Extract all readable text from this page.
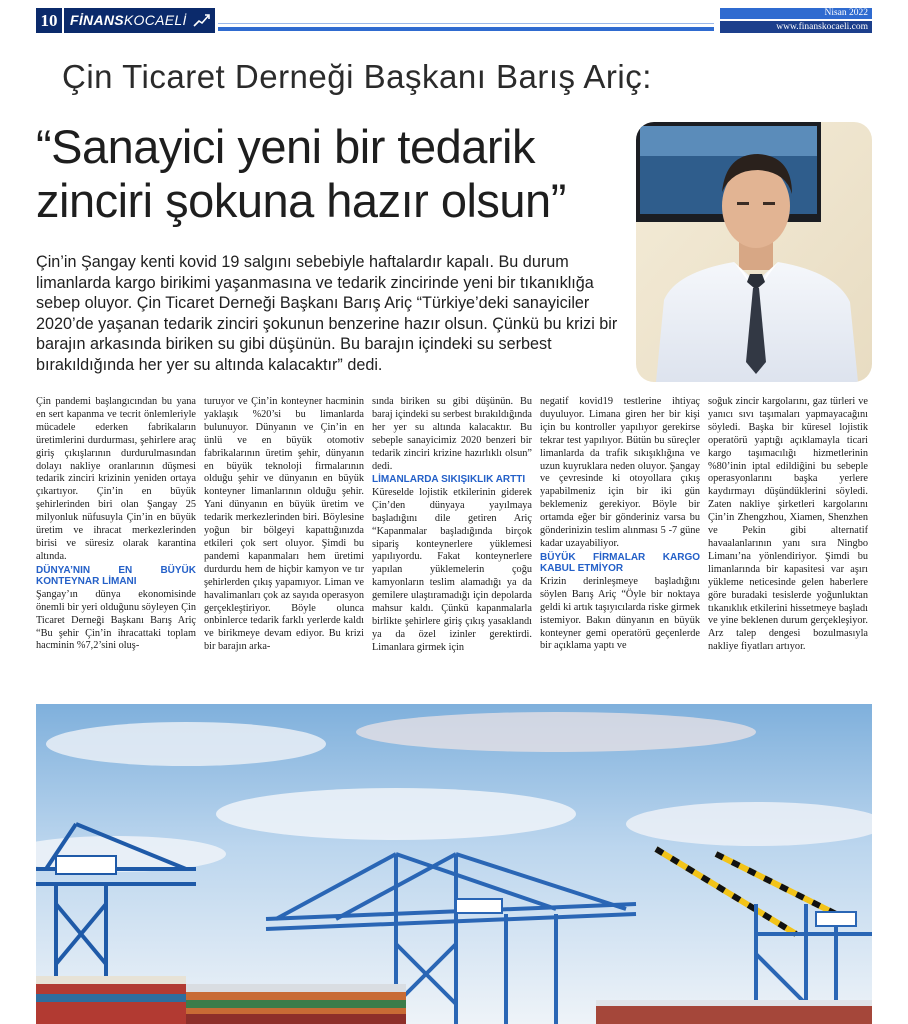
10 FİNANSKOCAELİ	Nisan 2022
www.finanskocaeli.com
Çin Ticaret Derneği Başkanı Barış Ariç:
“Sanayici yeni bir tedarik zinciri şokuna hazır olsun”
Çin’in Şangay kenti kovid 19 salgını sebebiyle haftalardır kapalı. Bu durum limanlarda kargo birikimi yaşanmasına ve tedarik zincirinde yeni bir tıkanıklığa sebep oluyor. Çin Ticaret Derneği Başkanı Barış Ariç “Türkiye’deki sanayiciler 2020’de yaşanan tedarik zinciri şokunun benzerine hazır olsun. Çünkü bu krizi bir barajın arkasında biriken su gibi düşünün. Bu barajın içindeki su serbest bırakıldığında her yer su altında kalacaktır” dedi.

Çin pandemi başlangıcından bu yana en sert kapanma ve tecrit önlemleriyle mücadele ederken fabrikaların üretimlerini durdurması, şehirlere araç giriş çıkışlarının durdurulmasından dolayı nakliye oranlarının düşmesi tedarik zinciri krizinin yeniden ortaya çıkartıyor. Çin’in en büyük şehirlerinden biri olan Şangay 25 milyonluk nüfusuyla Çin’in en büyük üretim ve ihracat merkezlerinden birisi ve süresiz olarak karantina altında.

DÜNYA’NIN EN BÜYÜK KONTEYNAR LİMANI

Şangay’ın dünya ekonomisinde önemli bir yeri olduğunu söyleyen Çin Ticaret Derneği Başkanı Barış Ariç “Bu şehir Çin’in ihracattaki toplam hacminin %7,2’sini oluş-

turuyor ve Çin’in konteyner hacminin yaklaşık %20’si bu limanlarda bulunuyor. Dünyanın ve Çin’in en ünlü ve en büyük otomotiv fabrikalarının üretim şehir, dünyanın en büyük teknoloji firmalarının olduğu şehir ve dünyanın en büyük konteyner limanlarının olduğu şehir. Yani dünyanın en büyük üretim ve tedarik merkezlerinden biri. Böylesine yoğun bir bölgeyi kapattığınızda etkileri çok sert oluyor. Şimdi bu pandemi kapanmaları hem üretimi durdurdu hem de hiçbir kamyon ve tır şehirlerden çıkış yapamıyor. Liman ve havalimanları çok az sayıda operasyon gerçekleştiriyor. Böyle olunca onbinlerce tedarik farklı yerlerde kaldı ve birikmeye devam ediyor. Bu krizi bir barajın arka-

sında biriken su gibi düşünün. Bu baraj içindeki su serbest bırakıldığında her yer su altında kalacaktır. Bu sebeple sanayicimiz 2020 benzeri bir tedarik zinciri krizine hazırlıklı olsun” dedi.

LİMANLARDA SIKIŞIKLIK ARTTI

Küreselde lojistik etkilerinin giderek Çin’den dünyaya yayılmaya başladığını dile getiren Ariç “Kapanmalar başladığında birçok sipariş konteynerlere yüklemesi yapılıyordu. Fakat konteynerlere yapılan yüklemelerin çoğu kamyonların teslim alamadığı ya da gemilere ulaştıramadığı için depolarda mahsur kaldı. Çünkü kapanmalarla birlikte şehirlere giriş çıkış yasaklandı ya da özel izinler gerektirdi. Limanlara girmek için

negatif kovid19 testlerine ihtiyaç duyuluyor. Limana giren her bir kişi için bu kontroller yapılıyor gerekirse tekrar test yapılıyor. Bütün bu süreçler limanlarda da trafik sıkışıklığına ve uzun kuyruklara neden oluyor. Şangay ve çevresinde ki otoyollara çıkış yapabilmeniz için bir iki gün beklemeniz gerekiyor. Böyle bir ortamda eğer bir gönderiniz varsa bu gönderinizin teslim alınması 5 -7 güne kadar uzayabiliyor.

BÜYÜK FİRMALAR KARGO KABUL ETMİYOR

Krizin derinleşmeye başladığını söylen Barış Ariç “Öyle bir noktaya geldi ki artık taşıyıcılarda riske girmek istemiyor. Bakın dünyanın en büyük konteyner gemi operatörü geçenlerde bir açıklama yaptı ve

soğuk zincir kargolarını, gaz türleri ve yanıcı sıvı taşımaları yapmayacağını söyledi. Başka bir küresel lojistik operatörü yaptığı açıklamayla ticari kargo taşımacılığı hizmetlerinin %80’inin iptal edildiğini bu sebeple operasyonlarını başka yerlere kaydırmayı düşündüklerini söyledi. Zaten nakliye şirketleri kargolarını Çin’in Zhengzhou, Xiamen, Shenzhen ve Pekin gibi alternatif havaalanlarının yanı sıra Ningbo Limanı’na yönlendiriyor. Şimdi bu limanlarında bir kapasitesi var aşırı yükleme neticesinde gelen haberlere göre buradaki tesislerde yoğunluktan tıkanıklık etkilerini hissetmeye başladı ve yine beklenen durum gerçekleşiyor. Arz talep dengesi bozulmasıyla nakliye fiyatları artıyor.
